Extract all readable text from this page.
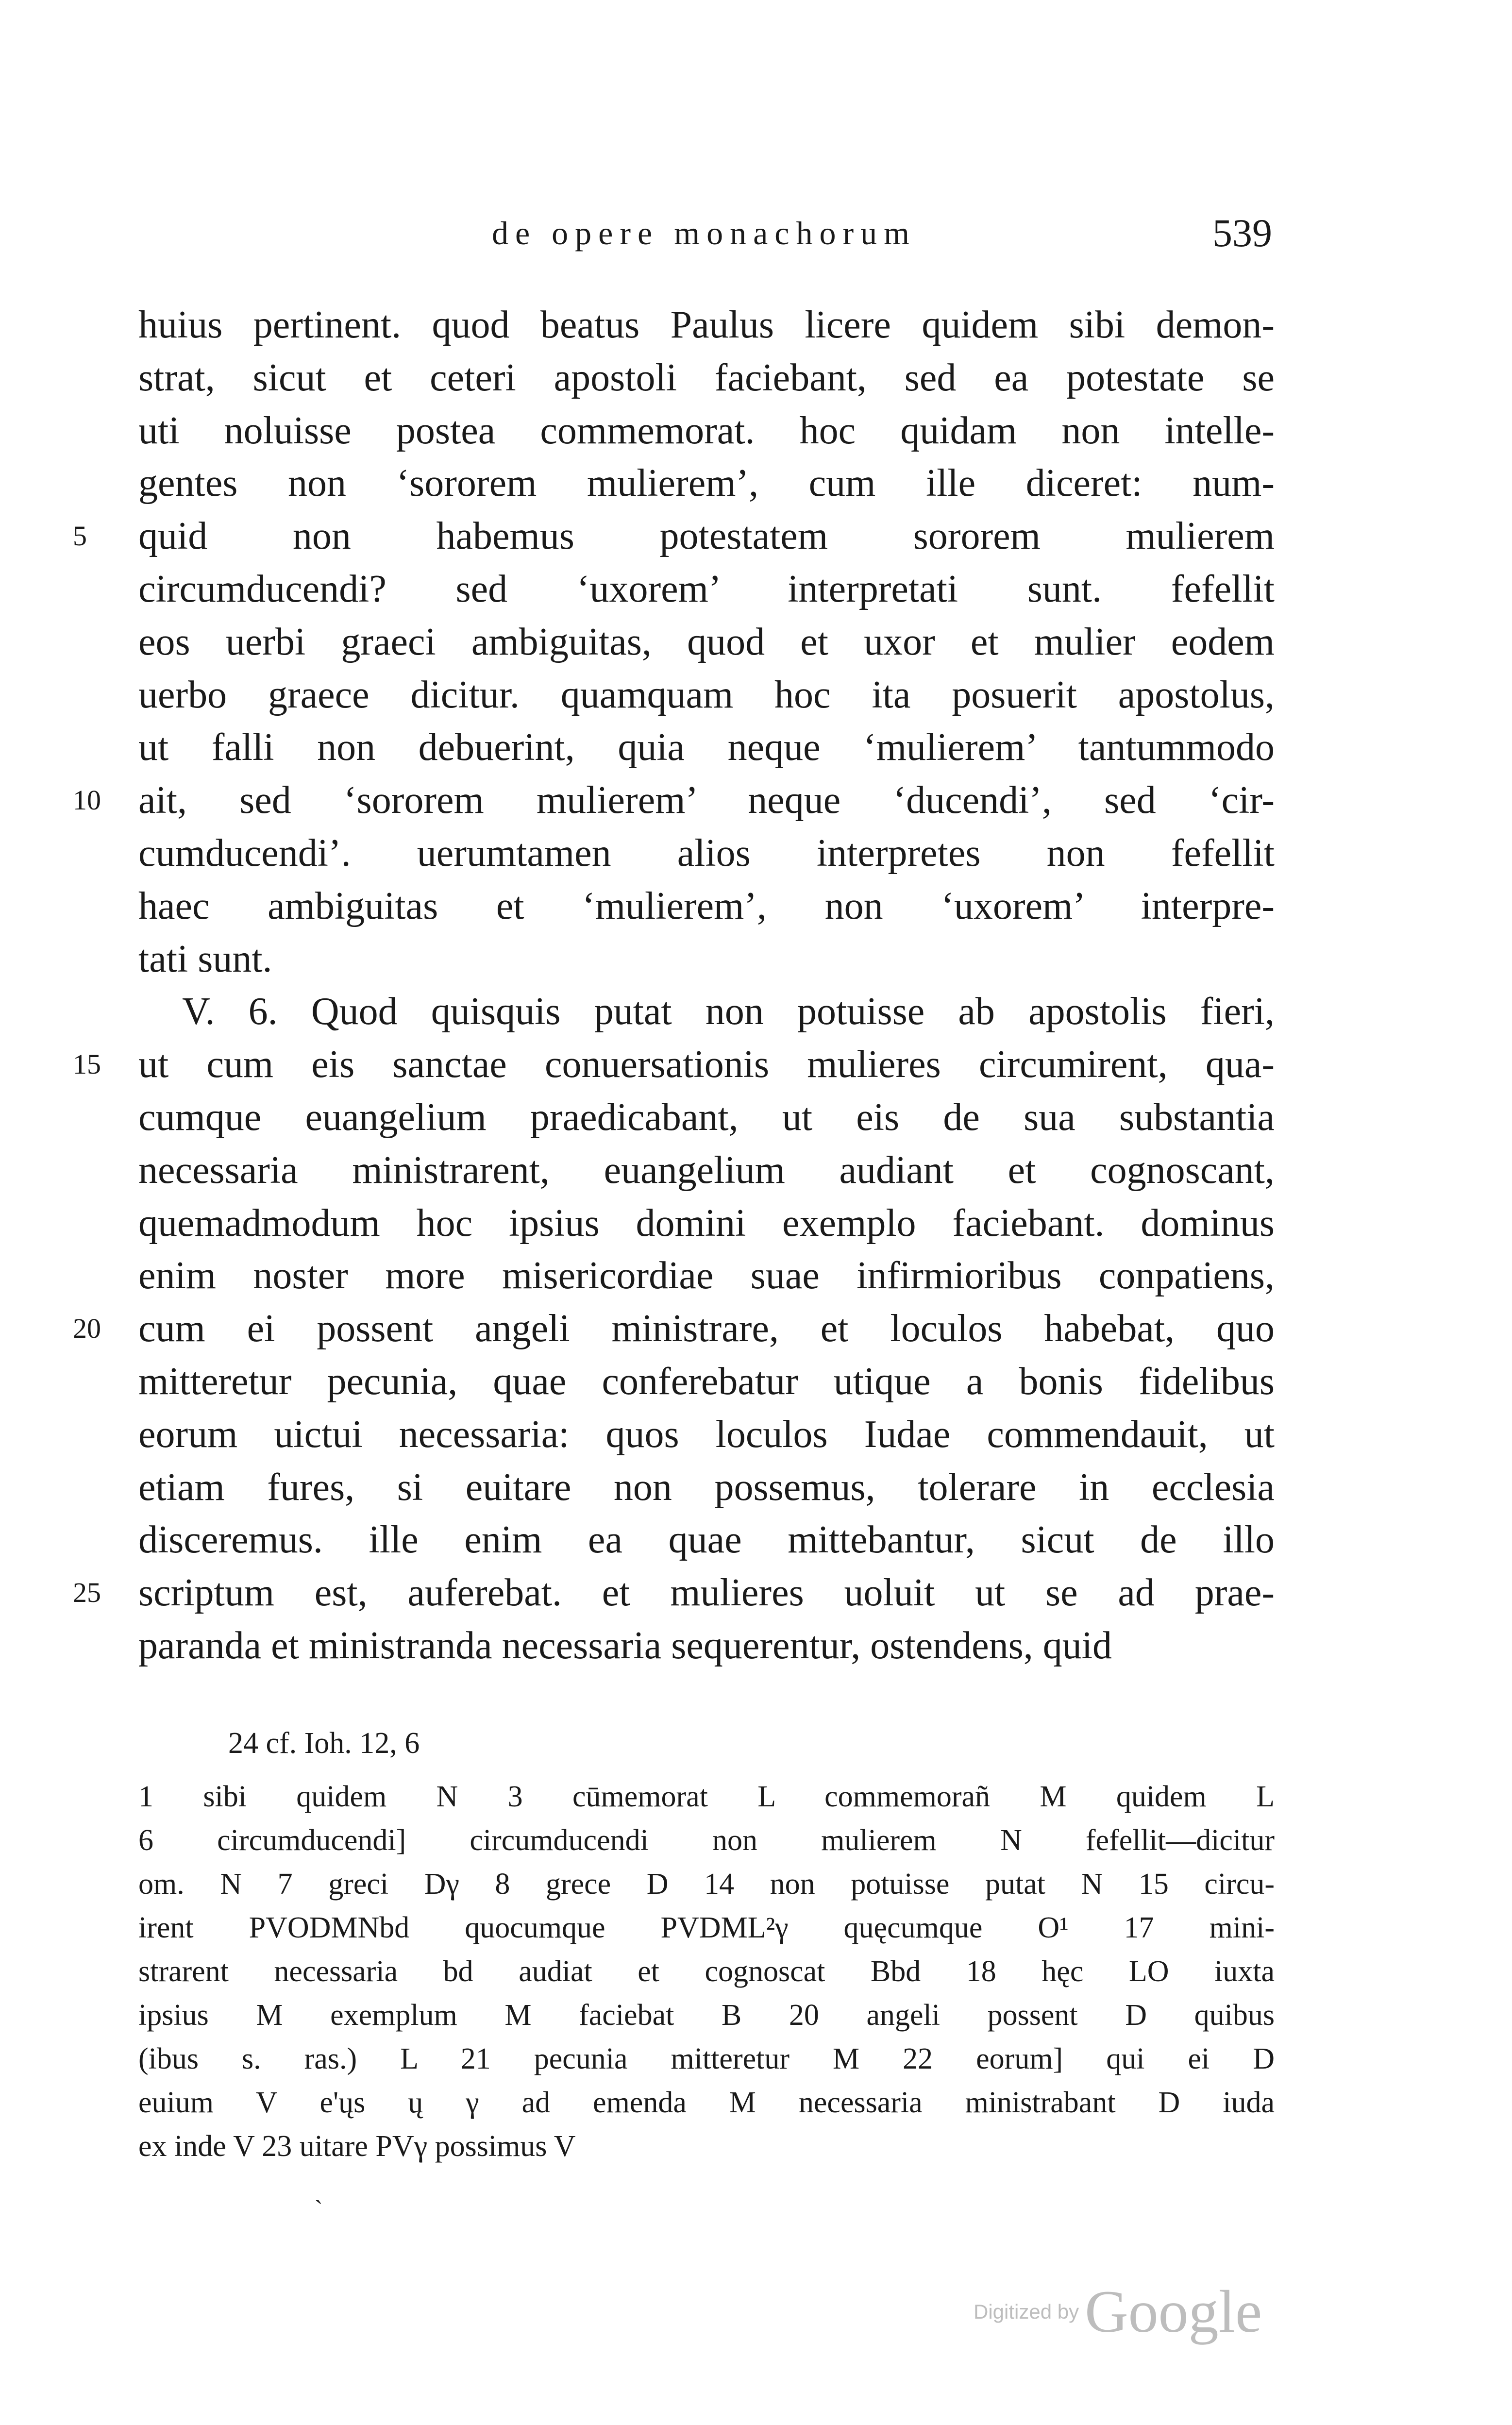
de opere monachorum	539
huius pertinent. quod beatus Paulus licere quidem sibi demon-
strat, sicut et ceteri apostoli faciebant, sed ea potestate se
uti noluisse postea commemorat. hoc quidam non intelle-
gentes non ‘sororem mulierem’, cum ille diceret: num-
5	quid non habemus potestatem sororem mulierem
circumducendi? sed ‘uxorem’ interpretati sunt. fefellit
eos uerbi graeci ambiguitas, quod et uxor et mulier eodem
uerbo graece dicitur. quamquam hoc ita posuerit apostolus,
ut falli non debuerint, quia neque ‘mulierem’ tantummodo
10 ait, sed ‘sororem mulierem’ neque ‘ducendi’, sed ‘cir-
cumducendi’. uerumtamen alios interpretes non fefellit
haec ambiguitas et ‘mulierem’, non ‘uxorem’ interpre-
tati sunt.
V. 6. Quod quisquis putat non potuisse ab apostolis fieri,
15 ut cum eis sanctae conuersationis mulieres circumirent, qua-
cumque euangelium praedicabant, ut eis de sua substantia
necessaria ministrarent, euangelium audiant et cognoscant,
quemadmodum hoc ipsius domini exemplo faciebant. dominus
enim noster more misericordiae suae infirmioribus conpatiens,
20 cum ei possent angeli ministrare, et loculos habebat, quo
mitteretur pecunia, quae conferebatur utique a bonis fidelibus
eorum uictui necessaria: quos loculos Iudae commendauit, ut
etiam fures, si euitare non possemus, tolerare in ecclesia
disceremus. ille enim ea quae mittebantur, sicut de illo
25 scriptum est, auferebat. et mulieres uoluit ut se ad prae-
paranda et ministranda necessaria sequerentur, ostendens, quid
24 cf. Ioh. 12, 6
1 sibi quidem N 3 cūmemorat L commemorañ M quidem L
6 circumducendi] circumducendi non mulierem N fefellit—dicitur
om. N 7 greci Dγ 8 grece D 14 non potuisse putat N 15 circu-
irent PVODMNbd quocumque PVDML²γ quęcumque O¹ 17 mini-
strarent necessaria bd audiat et cognoscat Bbd 18 hęc LO iuxta
ipsius M exemplum M faciebat B 20 angeli possent D quibus
(ibus s. ras.) L 21 pecunia mitteretur M 22 eorum] qui ei D
euium V e'ųs ų γ ad emenda M necessaria ministrabant D iuda
ex inde V 23 uitare PVγ possimus V
`
Digitized by Google
